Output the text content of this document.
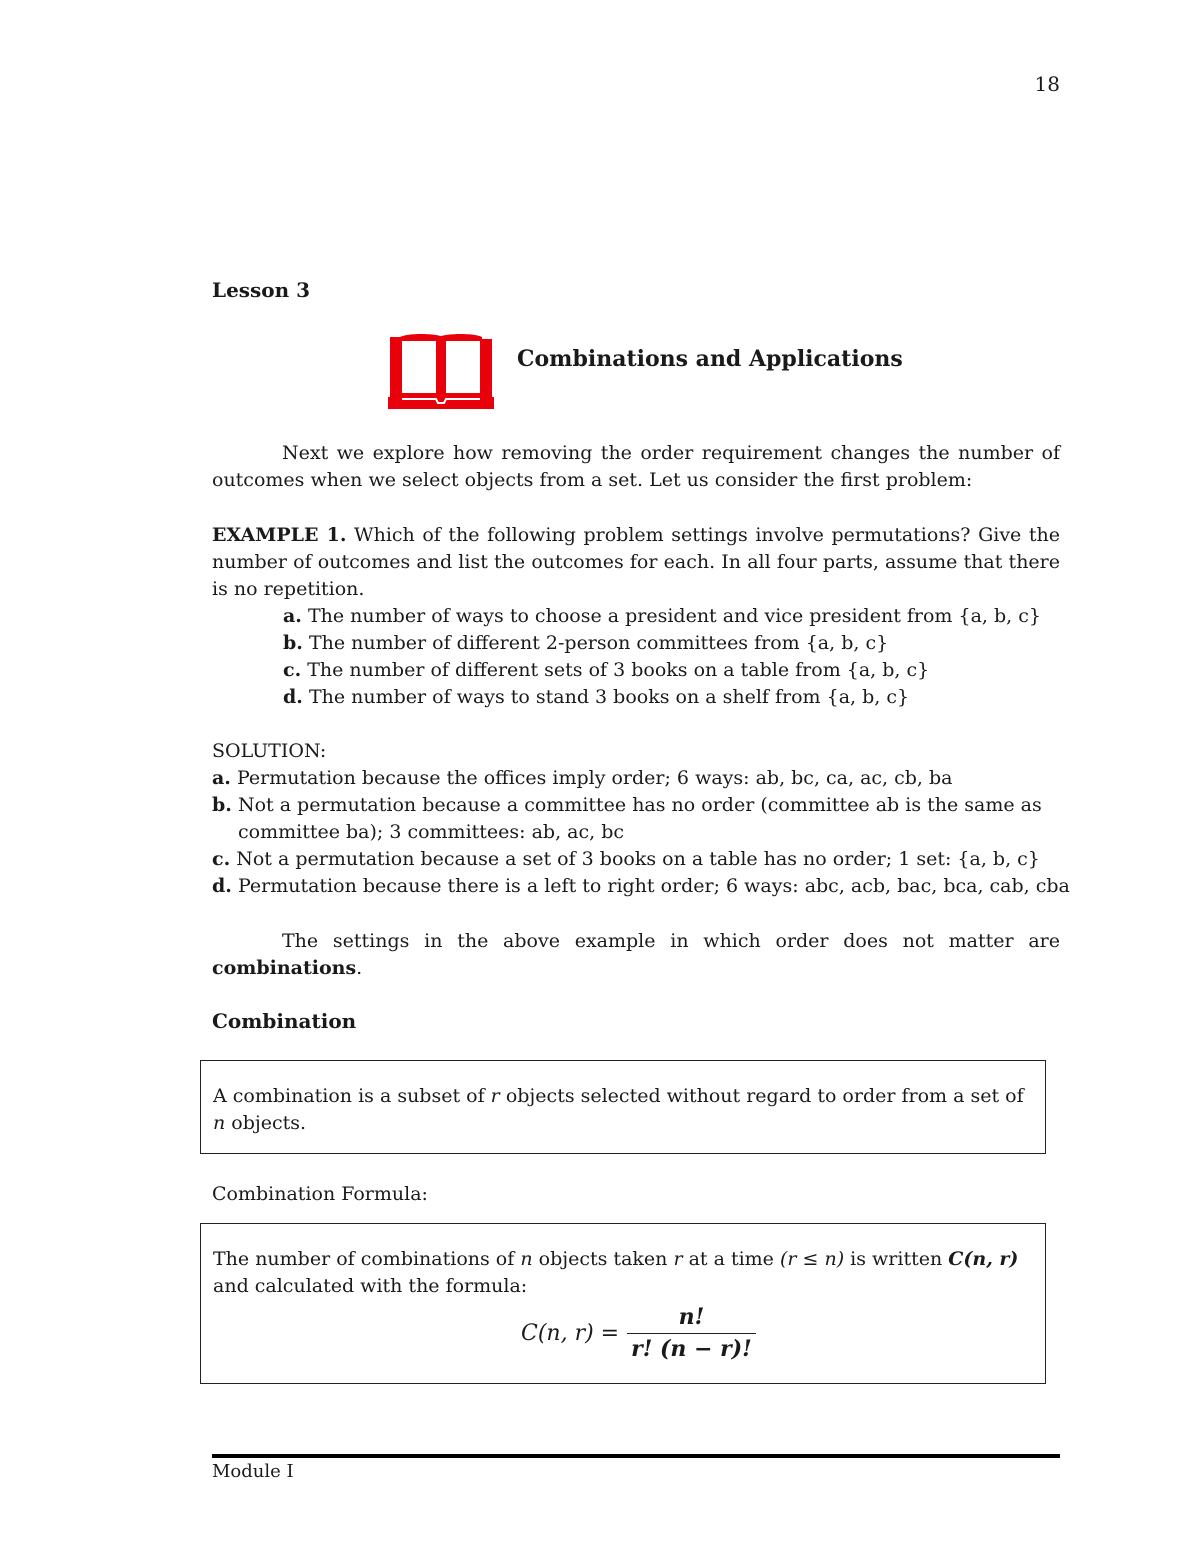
18
Lesson 3
Combinations and Applications

Next we explore how removing the order requirement changes the number of outcomes when we select objects from a set. Let us consider the first problem:

EXAMPLE 1. Which of the following problem settings involve permutations? Give the number of outcomes and list the outcomes for each. In all four parts, assume that there is no repetition.

a. The number of ways to choose a president and vice president from {a, b, c}
b. The number of different 2-person committees from {a, b, c}
c. The number of different sets of 3 books on a table from {a, b, c}
d. The number of ways to stand 3 books on a shelf from {a, b, c}
SOLUTION:
a. Permutation because the offices imply order; 6 ways: ab, bc, ca, ac, cb, ba
b. Not a permutation because a committee has no order (committee ab is the same as
committee ba); 3 committees: ab, ac, bc
c. Not a permutation because a set of 3 books on a table has no order; 1 set: {a, b, c}
d. Permutation because there is a left to right order; 6 ways: abc, acb, bac, bca, cab, cba

The settings in the above example in which order does not matter are combinations.

Combination
A combination is a subset of r objects selected without regard to order from a set of n objects.
Combination Formula:
The number of combinations of n objects taken r at a time (r ≤ n) is written C(n, r)
and calculated with the formula:
C(n, $r) = \frac{n!}{r! (n - r)!}$
Module I
